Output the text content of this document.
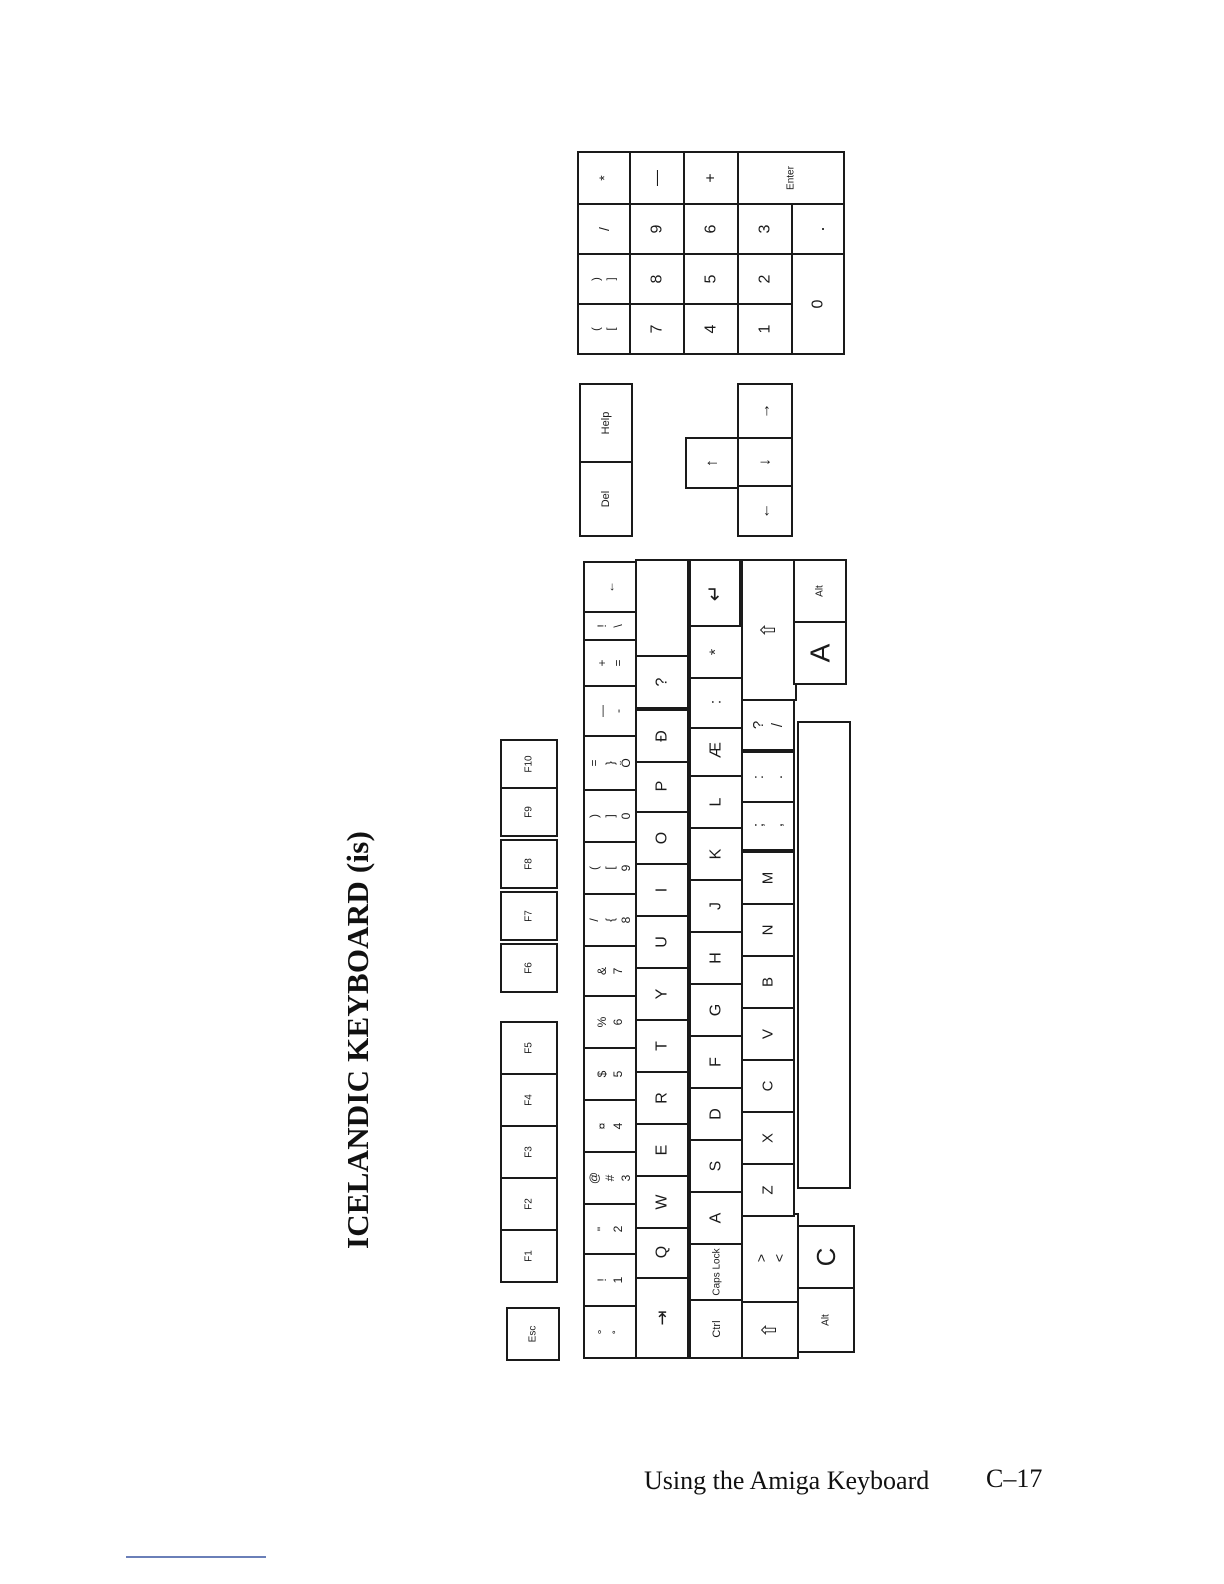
ICELANDIC KEYBOARD (is)
Esc
F1
F2
F3
F4
F5
F6
F7
F8
F9
F10
° ˚
! 1
" 2
@ # 3
¤ 4
$ 5
% 6
& 7
/ { 8
( [ 9
) ] 0
= } Ö
— -
+ =
! \
←
⇥
Q
W
E
R
T
Y
U
I
O
P
Ð
?
Ctrl
Caps Lock
A
S
D
F
G
H
J
K
L
Æ
:
*
↵
⇧
> <
Z
X
C
V
B
N
M
; ,
: .
? /
⇧
Alt
C
A
Alt
Del
Help
↑
←
↓
→
( [
) ]
/
*
7
8
9
—
4
5
6
+
1
2
3
0
.
Enter
Using the Amiga Keyboard C–17
